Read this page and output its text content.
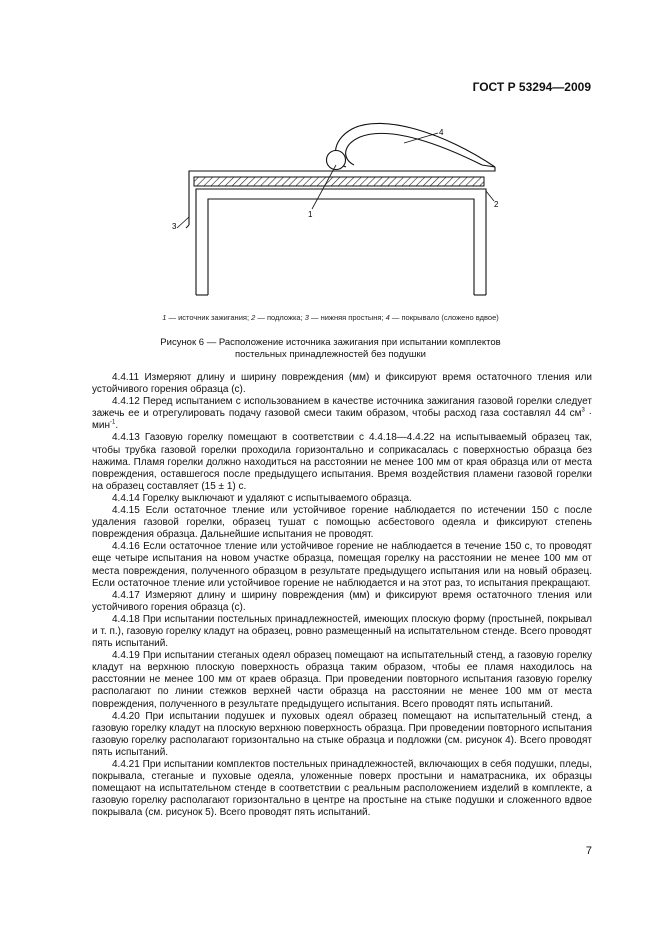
ГОСТ Р 53294—2009
1
2
3
4
1 — источник зажигания; 2 — подложка; 3 — нижняя простыня; 4 — покрывало (сложено вдвое)
Рисунок 6 — Расположение источника зажигания при испытании комплектов
постельных принадлежностей без подушки

4.4.11 Измеряют длину и ширину повреждения (мм) и фиксируют время остаточного тления или устойчивого горения образца (с).

4.4.12 Перед испытанием с использованием в качестве источника зажигания газовой горелки следует зажечь ее и отрегулировать подачу газовой смеси таким образом, чтобы расход газа составлял 44 $см^3 \cdot мин^{-1}$.

4.4.13 Газовую горелку помещают в соответствии с 4.4.18—4.4.22 на испытываемый образец так, чтобы трубка газовой горелки проходила горизонтально и соприкасалась с поверхностью образца без нажима. Пламя горелки должно находиться на расстоянии не менее 100 мм от края образца или от места повреждения, оставшегося после предыдущего испытания. Время воздействия пламени газовой горелки на образец составляет (15 ± 1) с.

4.4.14 Горелку выключают и удаляют с испытываемого образца.

4.4.15 Если остаточное тление или устойчивое горение наблюдается по истечении 150 с после удаления газовой горелки, образец тушат с помощью асбестового одеяла и фиксируют степень повреждения образца. Дальнейшие испытания не проводят.

4.4.16 Если остаточное тление или устойчивое горение не наблюдается в течение 150 с, то проводят еще четыре испытания на новом участке образца, помещая горелку на расстоянии не менее 100 мм от места повреждения, полученного образцом в результате предыдущего испытания или на новый образец. Если остаточное тление или устойчивое горение не наблюдается и на этот раз, то испытания прекращают.

4.4.17 Измеряют длину и ширину повреждения (мм) и фиксируют время остаточного тления или устойчивого горения образца (с).

4.4.18 При испытании постельных принадлежностей, имеющих плоскую форму (простыней, покрывал и т. п.), газовую горелку кладут на образец, ровно размещенный на испытательном стенде. Всего проводят пять испытаний.

4.4.19 При испытании стеганых одеял образец помещают на испытательный стенд, а газовую горелку кладут на верхнюю плоскую поверхность образца таким образом, чтобы ее пламя находилось на расстоянии не менее 100 мм от краев образца. При проведении повторного испытания газовую горелку располагают по линии стежков верхней части образца на расстоянии не менее 100 мм от места повреждения, полученного в результате предыдущего испытания. Всего проводят пять испытаний.

4.4.20 При испытании подушек и пуховых одеял образец помещают на испытательный стенд, а газовую горелку кладут на плоскую верхнюю поверхность образца. При проведении повторного испытания газовую горелку располагают горизонтально на стыке образца и подложки (см. рисунок 4). Всего проводят пять испытаний.

4.4.21 При испытании комплектов постельных принадлежностей, включающих в себя подушки, пледы, покрывала, стеганые и пуховые одеяла, уложенные поверх простыни и наматрасника, их образцы помещают на испытательном стенде в соответствии с реальным расположением изделий в комплекте, а газовую горелку располагают горизонтально в центре на простыне на стыке подушки и сложенного вдвое покрывала (см. рисунок 5). Всего проводят пять испытаний.

7
